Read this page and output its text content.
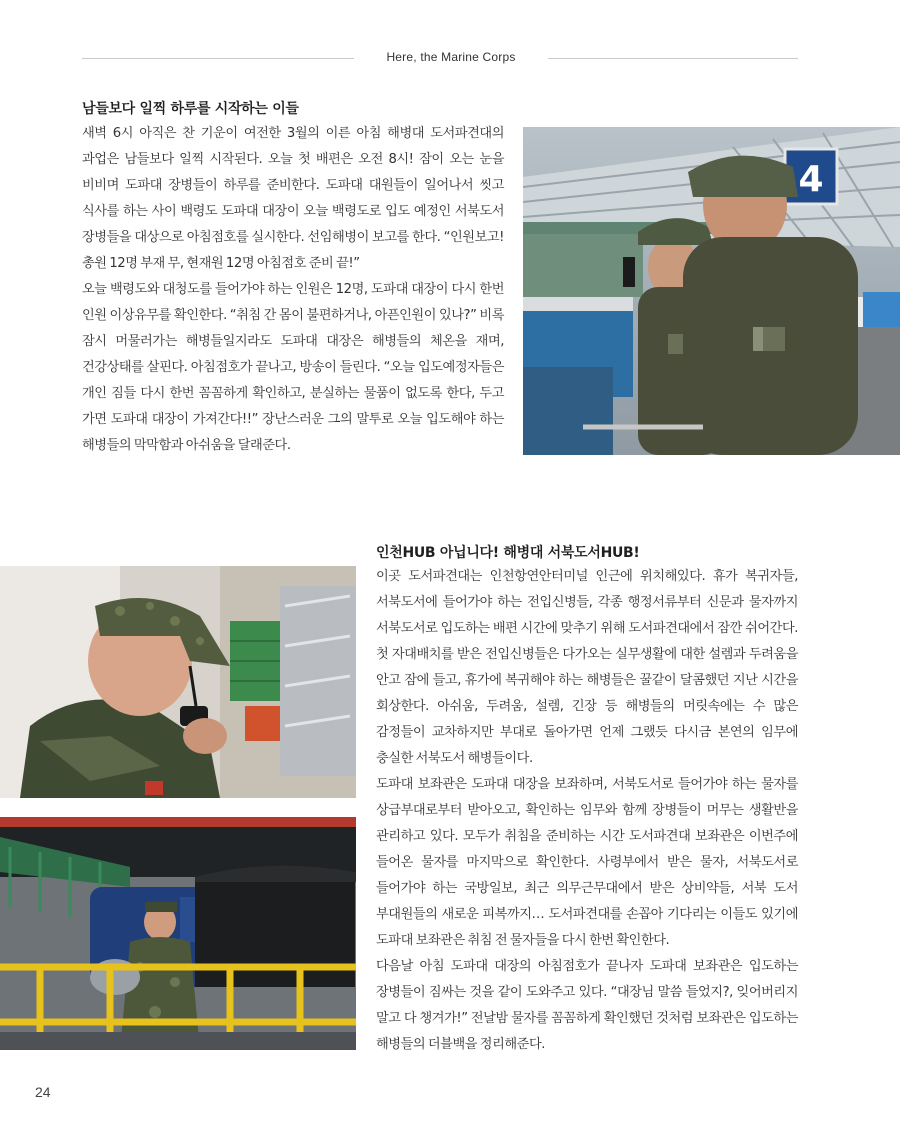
Here, the Marine Corps
남들보다 일찍 하루를 시작하는 이들

새벽 6시 아직은 찬 기운이 여전한 3월의 이른 아침 해병대 도서파견대의 과업은 남들보다 일찍 시작된다. 오늘 첫 배편은 오전 8시! 잠이 오는 눈을 비비며 도파대 장병들이 하루를 준비한다. 도파대 대원들이 일어나서 씻고 식사를 하는 사이 백령도 도파대 대장이 오늘 백령도로 입도 예정인 서북도서 장병들을 대상으로 아침점호를 실시한다. 선임해병이 보고를 한다. “인원보고! 총원 12명 부재 무, 현재원 12명 아침점호 준비 끝!”

오늘 백령도와 대청도를 들어가야 하는 인원은 12명, 도파대 대장이 다시 한번 인원 이상유무를 확인한다. “취침 간 몸이 불편하거나, 아픈인원이 있나?” 비록 잠시 머물러가는 해병들일지라도 도파대 대장은 해병들의 체온을 재며, 건강상태를 살핀다. 아침점호가 끝나고, 방송이 들린다. “오늘 입도예정자들은 개인 짐들 다시 한번 꼼꼼하게 확인하고, 분실하는 물품이 없도록 한다, 두고 가면 도파대 대장이 가져간다!!” 장난스러운 그의 말투로 오늘 입도해야 하는 해병들의 막막함과 아쉬움을 달래준다.

4
인천HUB 아닙니다! 해병대 서북도서HUB!

이곳 도서파견대는 인천항연안터미널 인근에 위치해있다. 휴가 복귀자들, 서북도서에 들어가야 하는 전입신병들, 각종 행정서류부터 신문과 물자까지 서북도서로 입도하는 배편 시간에 맞추기 위해 도서파견대에서 잠깐 쉬어간다. 첫 자대배치를 받은 전입신병들은 다가오는 실무생활에 대한 설렘과 두려움을 안고 잠에 들고, 휴가에 복귀해야 하는 해병들은 꿀같이 달콤했던 지난 시간을 회상한다. 아쉬움, 두려움, 설렘, 긴장 등 해병들의 머릿속에는 수 많은 감정들이 교차하지만 부대로 돌아가면 언제 그랬듯 다시금 본연의 임무에 충실한 서북도서 해병들이다.

도파대 보좌관은 도파대 대장을 보좌하며, 서북도서로 들어가야 하는 물자를 상급부대로부터 받아오고, 확인하는 임무와 함께 장병들이 머무는 생활반을 관리하고 있다. 모두가 취침을 준비하는 시간 도서파견대 보좌관은 이번주에 들어온 물자를 마지막으로 확인한다. 사령부에서 받은 물자, 서북도서로 들어가야 하는 국방일보, 최근 의무근무대에서 받은 상비약들, 서북 도서 부대원들의 새로운 피복까지… 도서파견대를 손꼽아 기다리는 이들도 있기에 도파대 보좌관은 취침 전 물자들을 다시 한번 확인한다.

다음날 아침 도파대 대장의 아침점호가 끝나자 도파대 보좌관은 입도하는 장병들이 짐싸는 것을 같이 도와주고 있다. “대장님 말씀 들었지?, 잊어버리지 말고 다 챙겨가!” 전날밤 물자를 꼼꼼하게 확인했던 것처럼 보좌관은 입도하는 해병들의 더블백을 정리해준다.

24
